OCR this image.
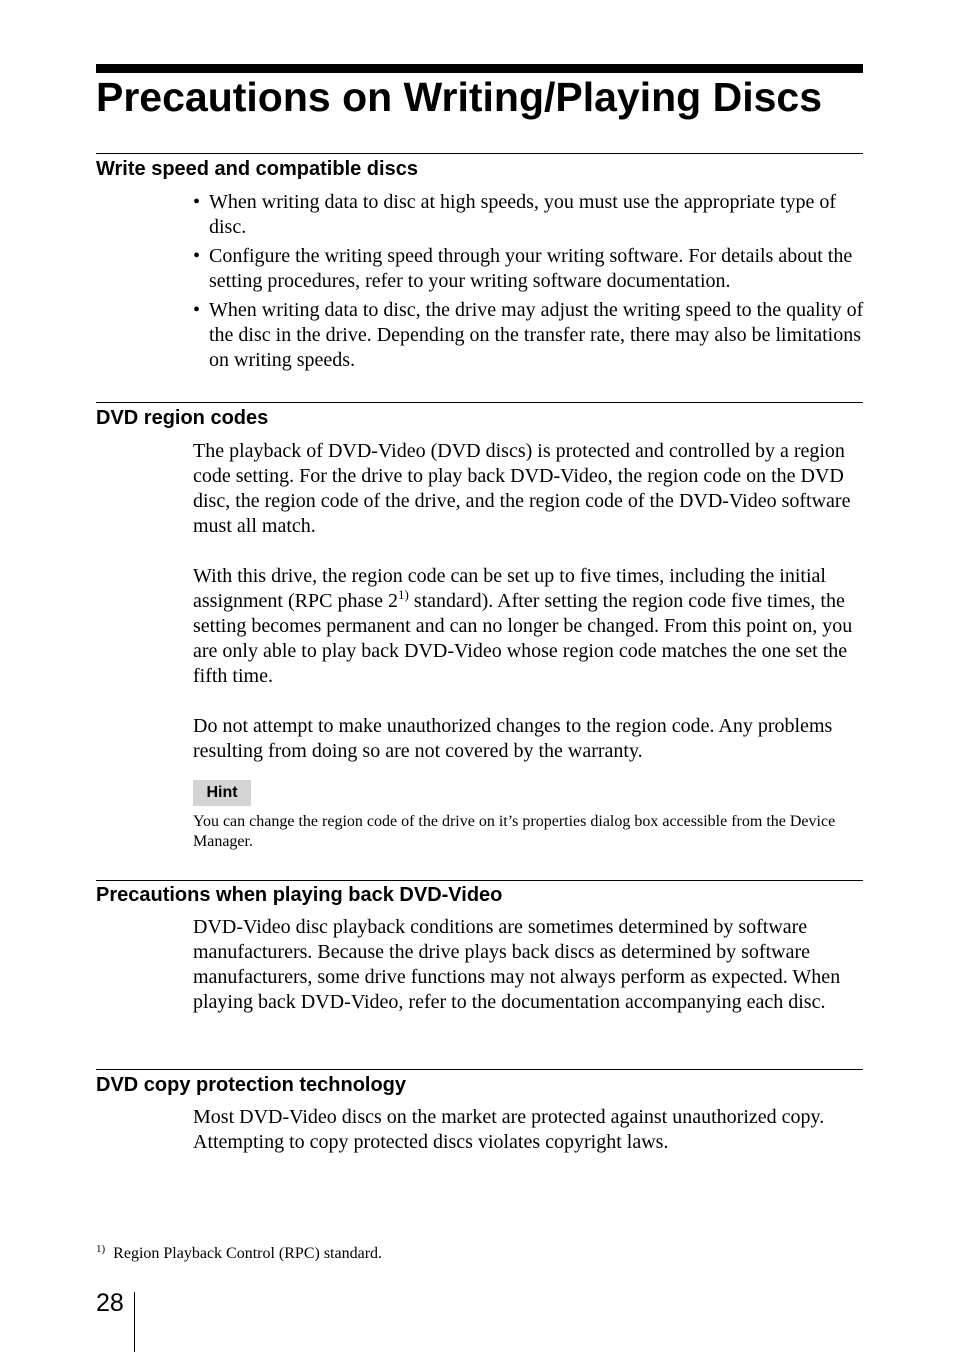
Precautions on Writing/Playing Discs
Write speed and compatible discs
• When writing data to disc at high speeds, you must use the appropriate type of disc.
• Configure the writing speed through your writing software. For details about the setting procedures, refer to your writing software documentation.
• When writing data to disc, the drive may adjust the writing speed to the quality of the disc in the drive. Depending on the transfer rate, there may also be limitations on writing speeds.
DVD region codes

The playback of DVD-Video (DVD discs) is protected and controlled by a region code setting. For the drive to play back DVD-Video, the region code on the DVD disc, the region code of the drive, and the region code of the DVD-Video software must all match.

With this drive, the region code can be set up to five times, including the initial assignment (RPC phase 2$^{1)}$ standard). After setting the region code five times, the setting becomes permanent and can no longer be changed. From this point on, you are only able to play back DVD-Video whose region code matches the one set the fifth time.

Do not attempt to make unauthorized changes to the region code. Any problems resulting from doing so are not covered by the warranty.

Hint

You can change the region code of the drive on it’s properties dialog box accessible from the Device Manager.

Precautions when playing back DVD-Video

DVD-Video disc playback conditions are sometimes determined by software manufacturers. Because the drive plays back discs as determined by software manufacturers, some drive functions may not always perform as expected. When playing back DVD-Video, refer to the documentation accompanying each disc.

DVD copy protection technology

Most DVD-Video discs on the market are protected against unauthorized copy. Attempting to copy protected discs violates copyright laws.

$^{1)}$ Region Playback Control (RPC) standard.

28
